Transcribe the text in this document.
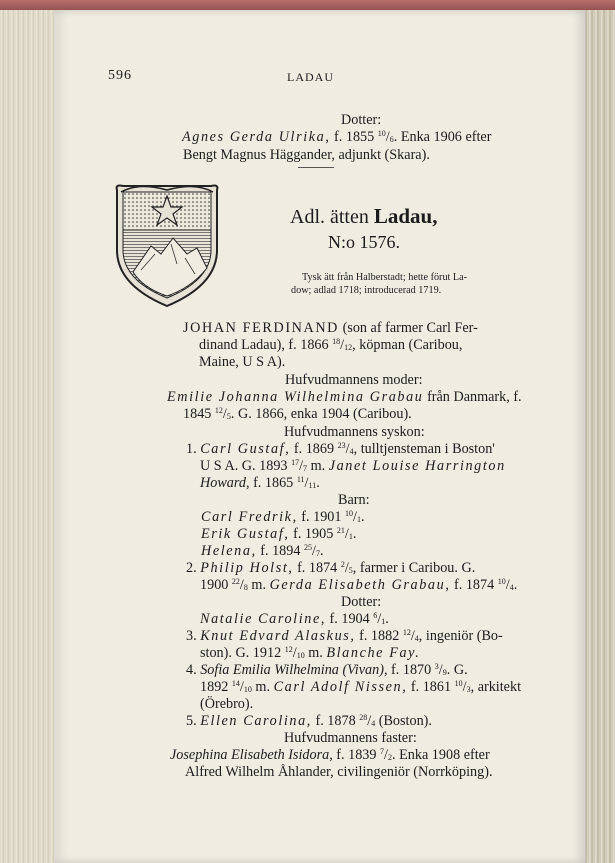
596	LADAU
Dotter:
Agnes Gerda Ulrika, f. 1855 $^{10}/_6$. Enka 1906 efter
Bengt Magnus Häggander, adjunkt (Skara).
Adl. ätten Ladau,
N:o 1576.
Tysk ätt från Halberstadt; hette förut La-
dow; adlad 1718; introducerad 1719.
JOHAN FERDINAND (son af farmer Carl Fer-
dinand Ladau), f. 1866 $^{18}/_{12}$, köpman (Caribou,
Maine, U S A).
Hufvudmannens moder:
Emilie Johanna Wilhelmina Grabau från Danmark, f.
1845 $^{12}/_5$. G. 1866, enka 1904 (Caribou).
Hufvudmannens syskon:
1. Carl Gustaf, f. 1869 $^{23}/_4$, tulltjensteman i Boston'
U S A. G. 1893 $^{17}/_7$ m. Janet Louise Harrington
Howard, f. 1865 $^{11}/_{11}$.
Barn:
Carl Fredrik, f. 1901 $^{10}/_1$.
Erik Gustaf, f. 1905 $^{21}/_1$.
Helena, f. 1894 $^{25}/_7$.
2. Philip Holst, f. 1874 $^2/_5$, farmer i Caribou. G.
1900 $^{22}/_8$ m. Gerda Elisabeth Grabau, f. 1874 $^{10}/_4$.
Dotter:
Natalie Caroline, f. 1904 $^6/_1$.
3. Knut Edvard Alaskus, f. 1882 $^{12}/_4$, ingeniör (Bo-
ston). G. 1912 $^{12}/_{10}$ m. Blanche Fay.
4. Sofia Emilia Wilhelmina (Vivan), f. 1870 $^3/_9$. G.
1892 $^{14}/_{10}$ m. Carl Adolf Nissen, f. 1861 $^{10}/_3$, arkitekt
(Örebro).
5. Ellen Carolina, f. 1878 $^{28}/_4$ (Boston).
Hufvudmannens faster:
Josephina Elisabeth Isidora, f. 1839 $^7/_2$. Enka 1908 efter
Alfred Wilhelm Åhlander, civilingeniör (Norrköping).
